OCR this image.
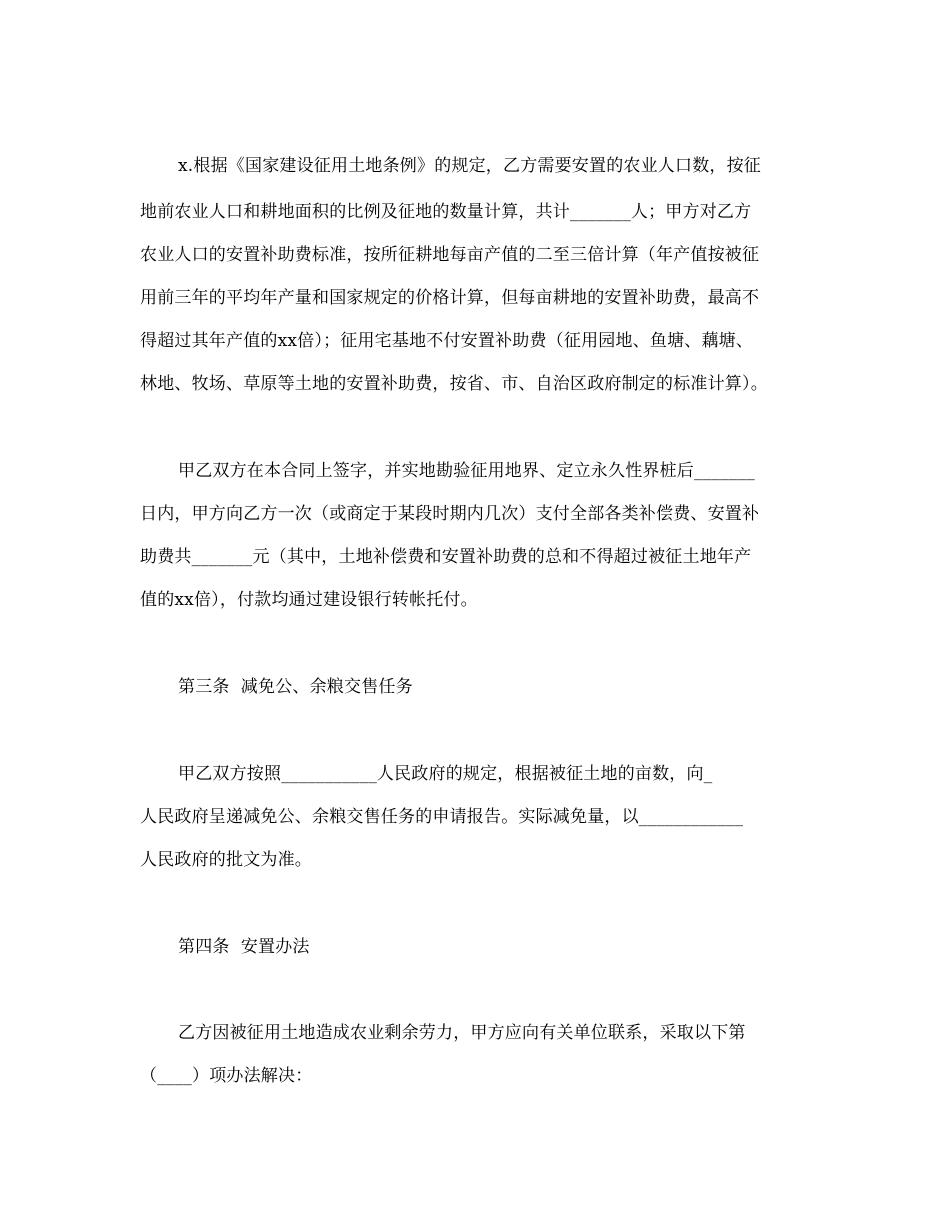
x.根据《国家建设征用土地条例》的规定，乙方需要安置的农业人口数，按征
地前农业人口和耕地面积的比例及征地的数量计算，共计_______人；甲方对乙方
农业人口的安置补助费标准，按所征耕地每亩产值的二至三倍计算（年产值按被征
用前三年的平均年产量和国家规定的价格计算，但每亩耕地的安置补助费，最高不
得超过其年产值的xx倍）；征用宅基地不付安置补助费（征用园地、鱼塘、藕塘、
林地、牧场、草原等土地的安置补助费，按省、市、自治区政府制定的标准计算）。
甲乙双方在本合同上签字，并实地勘验征用地界、定立永久性界桩后_______
日内，甲方向乙方一次（或商定于某段时期内几次）支付全部各类补偿费、安置补
助费共_______元（其中，土地补偿费和安置补助费的总和不得超过被征土地年产
值的xx倍），付款均通过建设银行转帐托付。
第三条  减免公、余粮交售任务
甲乙双方按照___________人民政府的规定，根据被征土地的亩数，向_
人民政府呈递减免公、余粮交售任务的申请报告。实际减免量，以____________
人民政府的批文为准。
第四条  安置办法
乙方因被征用土地造成农业剩余劳力，甲方应向有关单位联系，采取以下第
（____）项办法解决：
